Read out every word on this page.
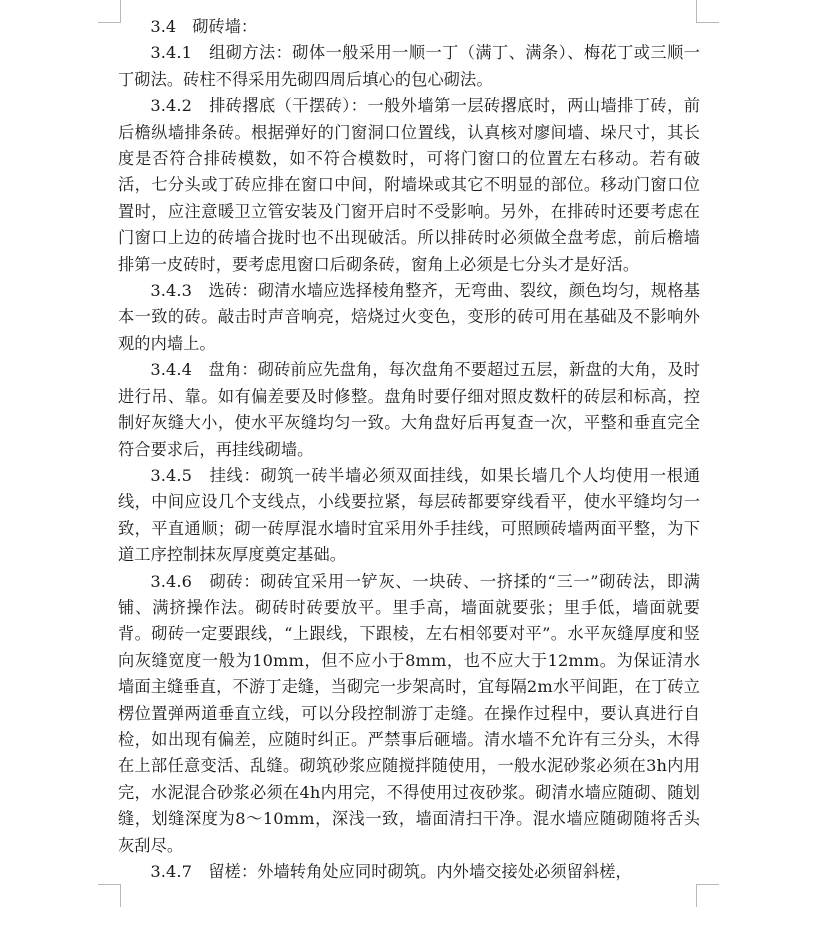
3.4　砌砖墙：

3.4.1　组砌方法：砌体一般采用一顺一丁（满丁、满条）、梅花丁或三顺一丁砌法。砖柱不得采用先砌四周后填心的包心砌法。

3.4.2　排砖撂底（干摆砖）：一般外墙第一层砖撂底时，两山墙排丁砖，前后檐纵墙排条砖。根据弹好的门窗洞口位置线，认真核对廖间墙、垛尺寸，其长度是否符合排砖模数，如不符合模数时，可将门窗口的位置左右移动。若有破活，七分头或丁砖应排在窗口中间，附墙垛或其它不明显的部位。移动门窗口位置时，应注意暖卫立管安装及门窗开启时不受影响。另外，在排砖时还要考虑在门窗口上边的砖墙合拢时也不出现破活。所以排砖时必须做全盘考虑，前后檐墙排第一皮砖时，要考虑甩窗口后砌条砖，窗角上必须是七分头才是好活。

3.4.3　选砖：砌清水墙应选择棱角整齐，无弯曲、裂纹，颜色均匀，规格基本一致的砖。敲击时声音响亮，焙烧过火变色，变形的砖可用在基础及不影响外观的内墙上。

3.4.4　盘角：砌砖前应先盘角，每次盘角不要超过五层，新盘的大角，及时进行吊、靠。如有偏差要及时修整。盘角时要仔细对照皮数杆的砖层和标高，控制好灰缝大小，使水平灰缝均匀一致。大角盘好后再复查一次，平整和垂直完全符合要求后，再挂线砌墙。

3.4.5　挂线：砌筑一砖半墙必须双面挂线，如果长墙几个人均使用一根通线，中间应设几个支线点，小线要拉紧，每层砖都要穿线看平，使水平缝均匀一致，平直通顺；砌一砖厚混水墙时宜采用外手挂线，可照顾砖墙两面平整，为下道工序控制抹灰厚度奠定基础。

3.4.6　砌砖：砌砖宜采用一铲灰、一块砖、一挤揉的“三一”砌砖法，即满铺、满挤操作法。砌砖时砖要放平。里手高，墙面就要张；里手低，墙面就要背。砌砖一定要跟线，“上跟线，下跟棱，左右相邻要对平”。水平灰缝厚度和竖向灰缝宽度一般为10mm，但不应小于8mm，也不应大于12mm。为保证清水墙面主缝垂直，不游丁走缝，当砌完一步架高时，宜每隔2m水平间距，在丁砖立楞位置弹两道垂直立线，可以分段控制游丁走缝。在操作过程中，要认真进行自检，如出现有偏差，应随时纠正。严禁事后砸墙。清水墙不允许有三分头，木得在上部任意变活、乱缝。砌筑砂浆应随搅拌随使用，一般水泥砂浆必须在3h内用完，水泥混合砂浆必须在4h内用完，不得使用过夜砂浆。砌清水墙应随砌、随划缝，划缝深度为8～10mm，深浅一致，墙面清扫干净。混水墙应随砌随将舌头灰刮尽。

3.4.7　留槎：外墙转角处应同时砌筑。内外墙交接处必须留斜槎，
